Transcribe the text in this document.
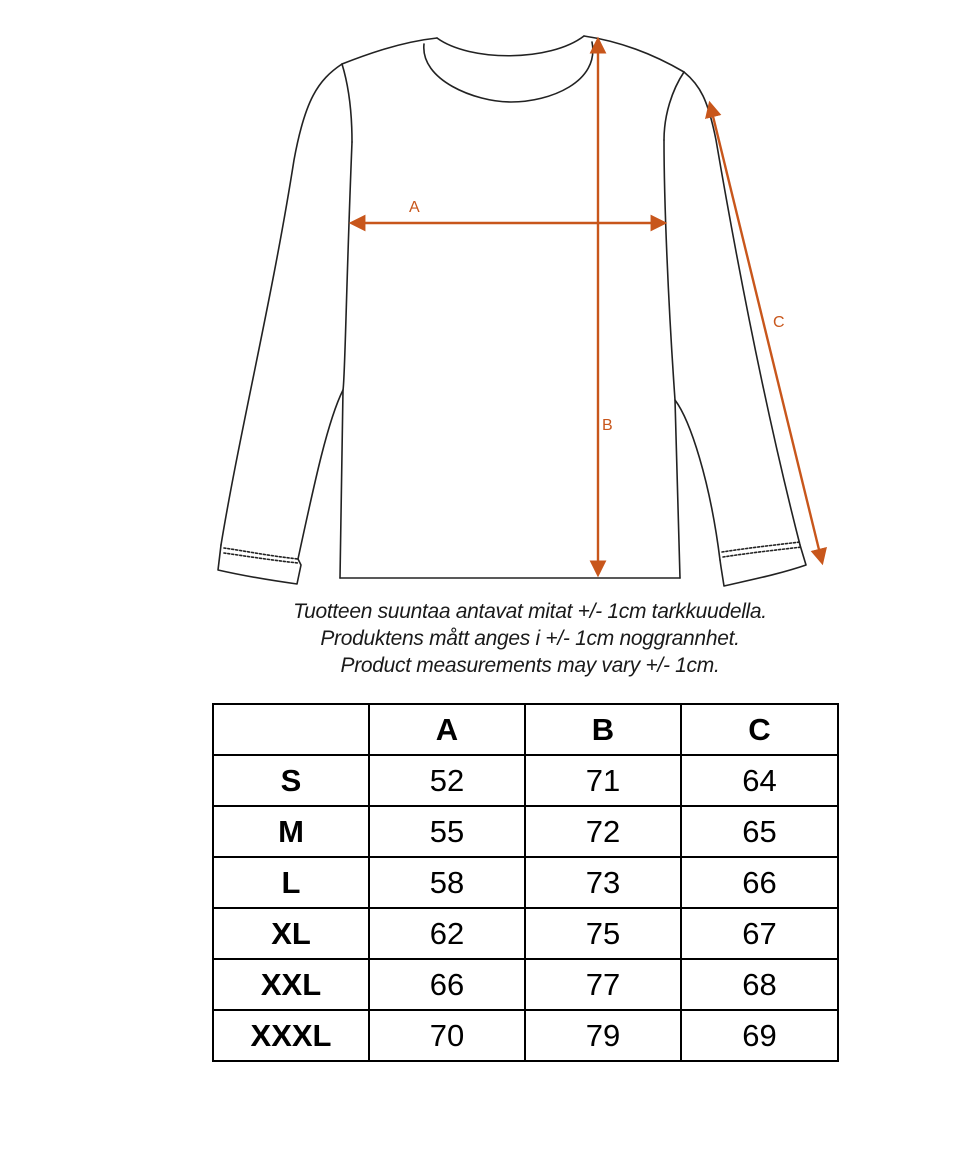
A
B
C
Tuotteen suuntaa antavat mitat +/- 1cm tarkkuudella.
Produktens mått anges i +/- 1cm noggrannhet.
Product measurements may vary +/- 1cm.
	A	B	C
S	52	71	64
M	55	72	65
L	58	73	66
XL	62	75	67
XXL	66	77	68
XXXL	70	79	69
